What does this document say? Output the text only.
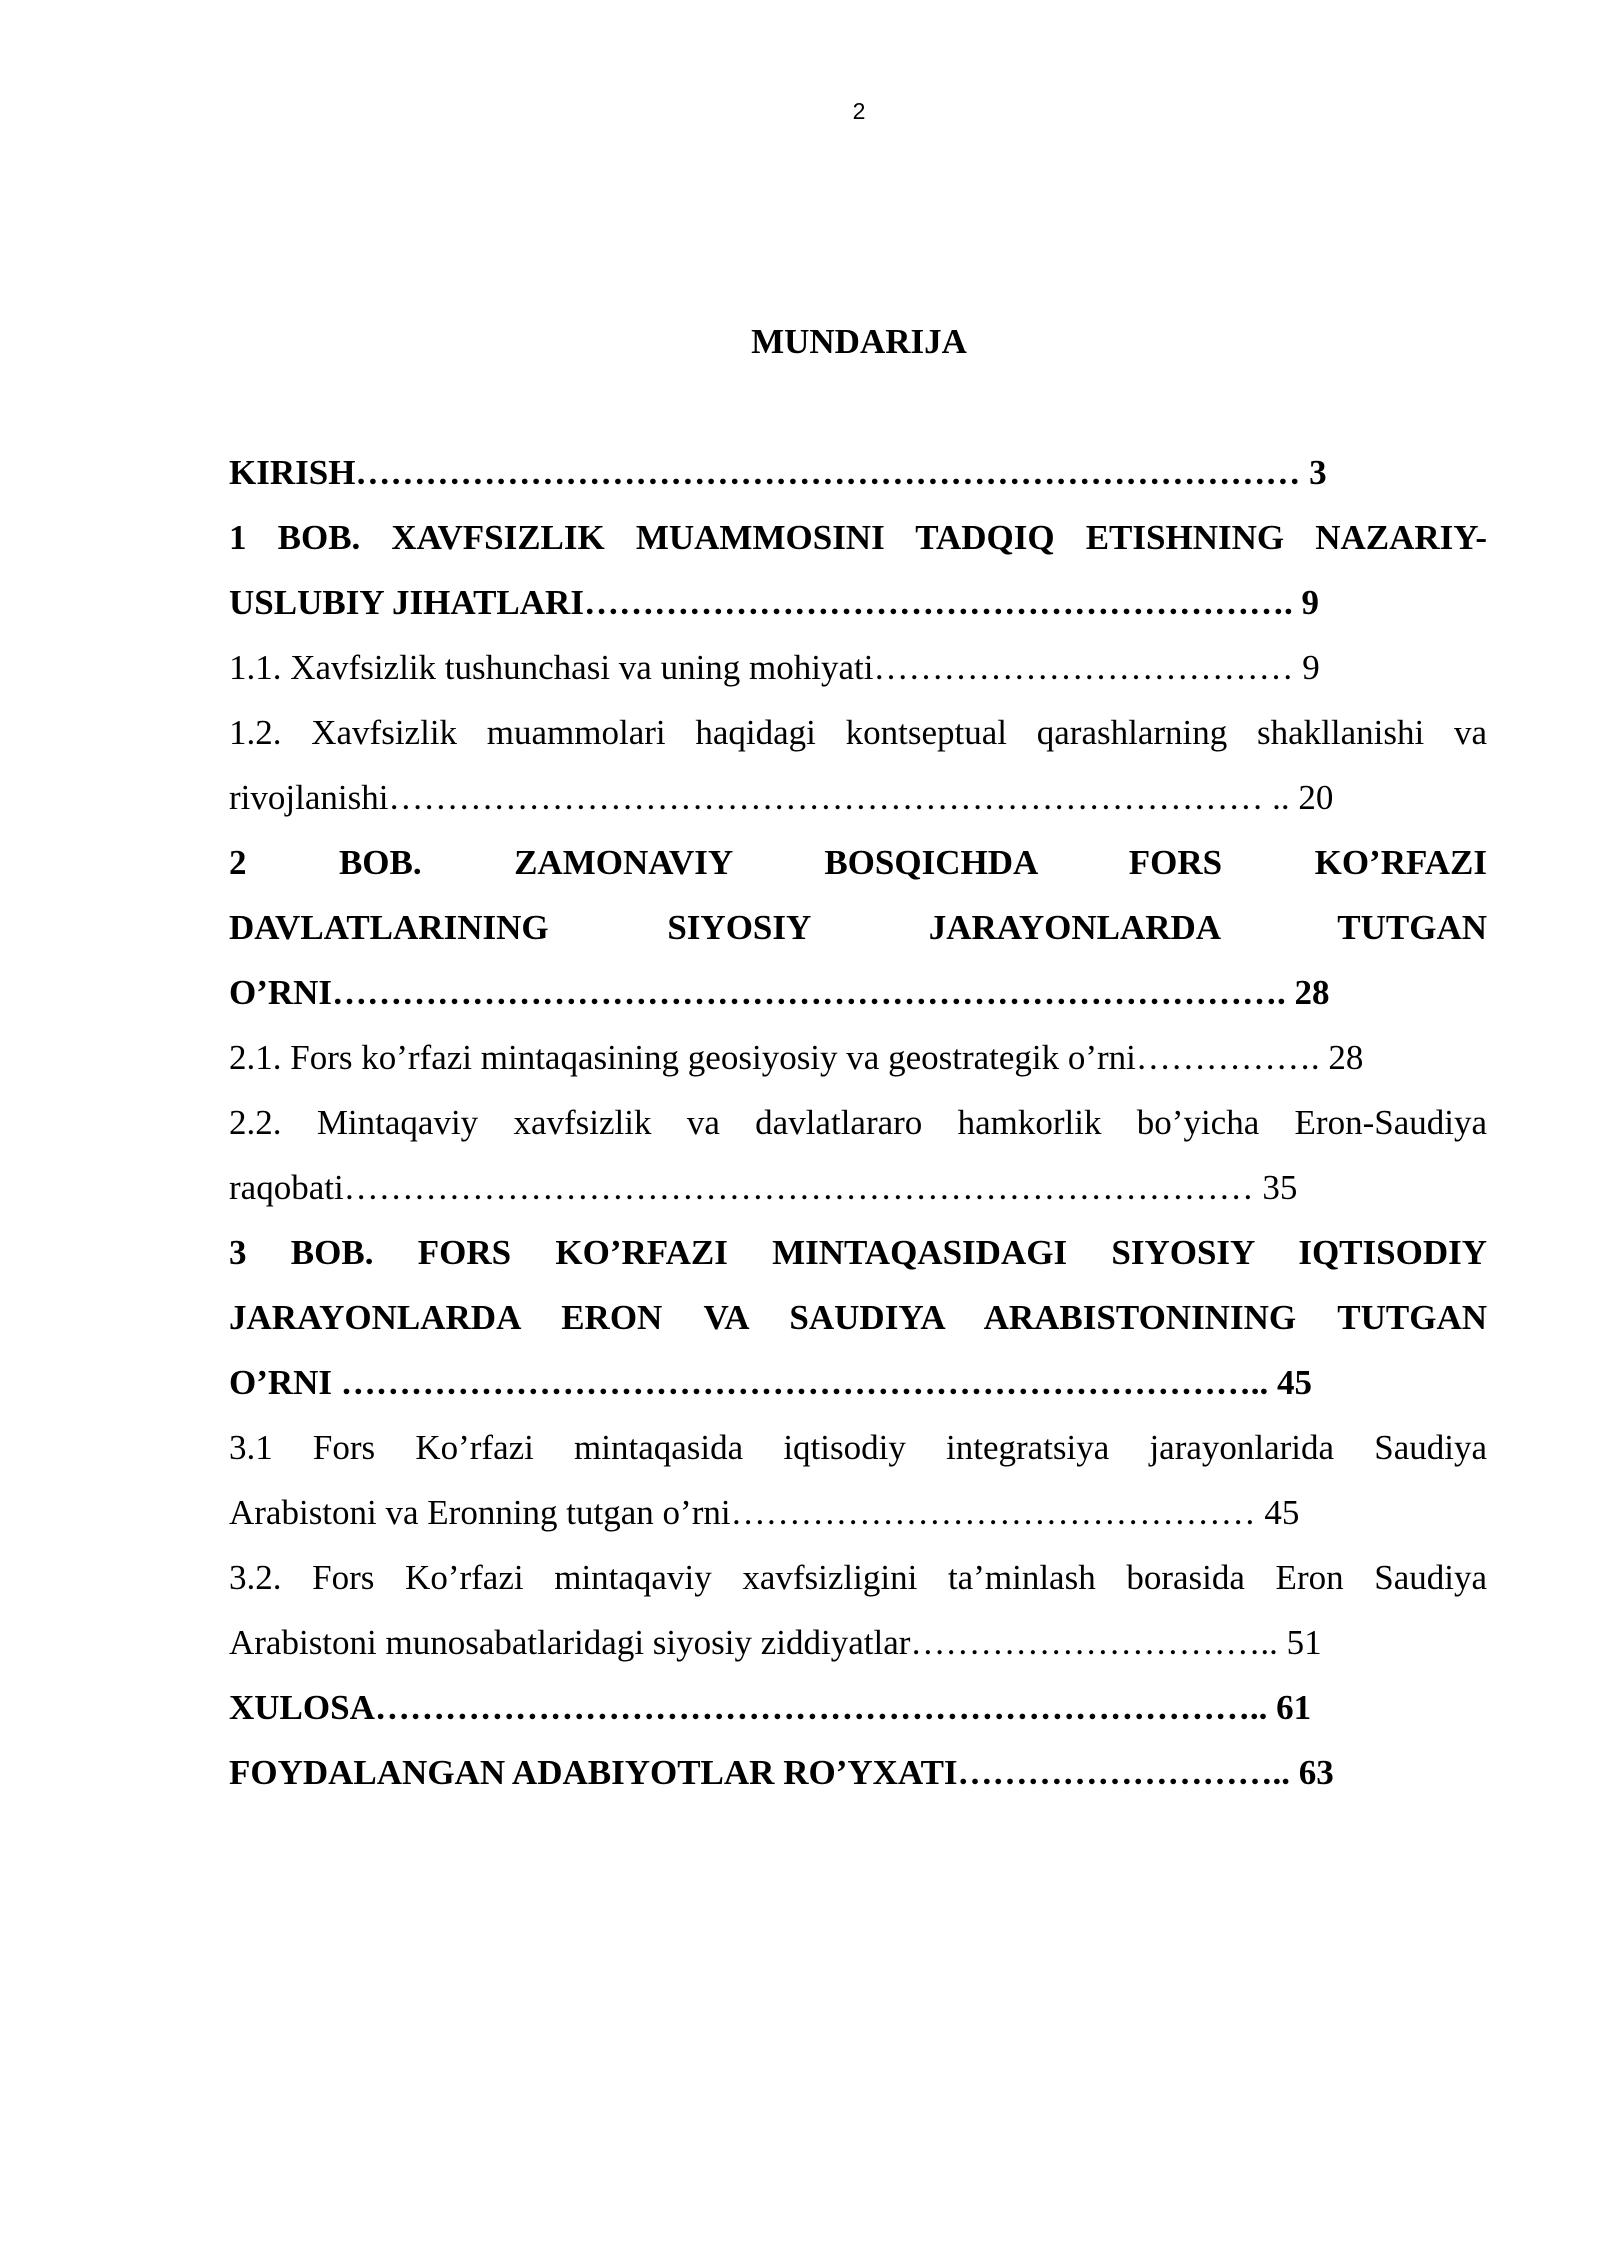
2
MUNDARIJA
KIRISH……………………………………………………………………… 3
1 BOB. XAVFSIZLIK MUAMMOSINI TADQIQ ETISHNING NAZARIY-
USLUBIY JIHATLARI……………………………………………………. 9
1.1. Xavfsizlik tushunchasi va uning mohiyati……………………………… 9
1.2. Xavfsizlik muammolari haqidagi kontseptual qarashlarning shakllanishi va
rivojlanishi………………………………………………………………… .. 20
2 BOB. ZAMONAVIY BOSQICHDA FORS KO’RFAZI
DAVLATLARINING SIYOSIY JARAYONLARDA TUTGAN
O’RNI………………………………………………………………………. 28
2.1. Fors ko’rfazi mintaqasining geosiyosiy va geostrategik o’rni……………. 28
2.2. Mintaqaviy xavfsizlik va davlatlararo hamkorlik bo’yicha Eron-Saudiya
raqobati…………………………………………………………………… 35
3 BOB. FORS KO’RFAZI MINTAQASIDAGI SIYOSIY IQTISODIY
JARAYONLARDA ERON VA SAUDIYA ARABISTONINING TUTGAN
O’RNI …………………………………………………………………….. 45
3.1 Fors Ko’rfazi mintaqasida iqtisodiy integratsiya jarayonlarida Saudiya
Arabistoni va Eronning tutgan o’rni……………………………………… 45
3.2. Fors Ko’rfazi mintaqaviy xavfsizligini ta’minlash borasida Eron Saudiya
Arabistoni munosabatlaridagi siyosiy ziddiyatlar………………………….. 51
XULOSA………………………………………………………………….. 61
FOYDALANGAN ADABIYOTLAR RO’YXATI……………………….. 63
